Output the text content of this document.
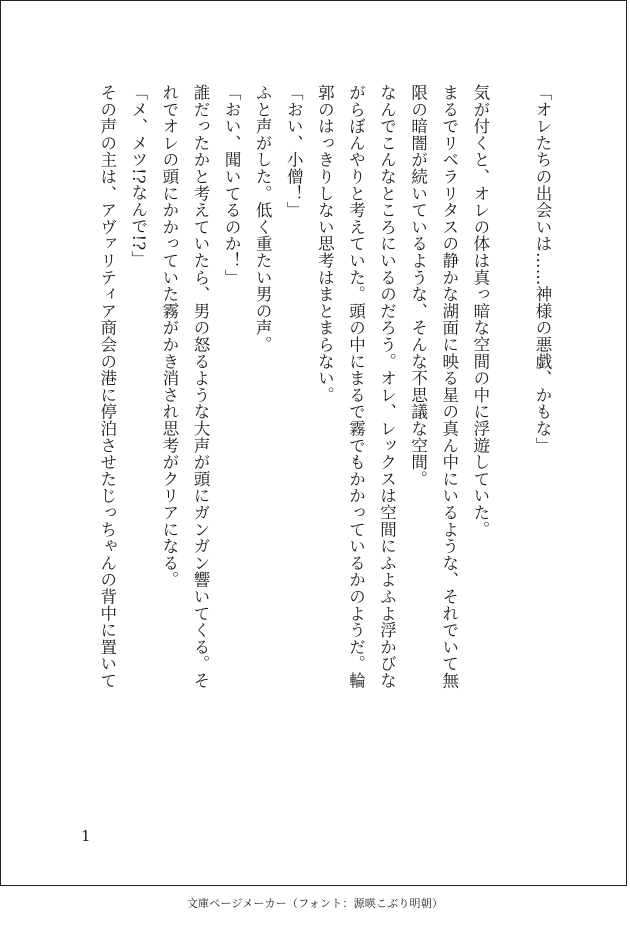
「オレたちの出会いは……神様の悪戯、かもな」
気が付くと、オレの体は真っ暗な空間の中に浮遊していた。
まるでリベラリタスの静かな湖面に映る星の真ん中にいるような、それでいて無
限の暗闇が続いているような、そんな不思議な空間。
なんでこんなところにいるのだろう。オレ、レックスは空間にふよふよ浮かびな
がらぼんやりと考えていた。頭の中にまるで霧でもかかっているかのようだ。輪
郭のはっきりしない思考はまとまらない。
「おい、小僧！」
ふと声がした。低く重たい男の声。
「おい、聞いてるのか！」
誰だったかと考えていたら、男の怒るような大声が頭にガンガン響いてくる。そ
れでオレの頭にかかっていた霧がかき消され思考がクリアになる。
「メ、メツ!?なんで!?」
その声の主は、アヴァリティア商会の港に停泊させたじっちゃんの背中に置いて
1
文庫ページメーカー（フォント：源暎こぶり明朝）
